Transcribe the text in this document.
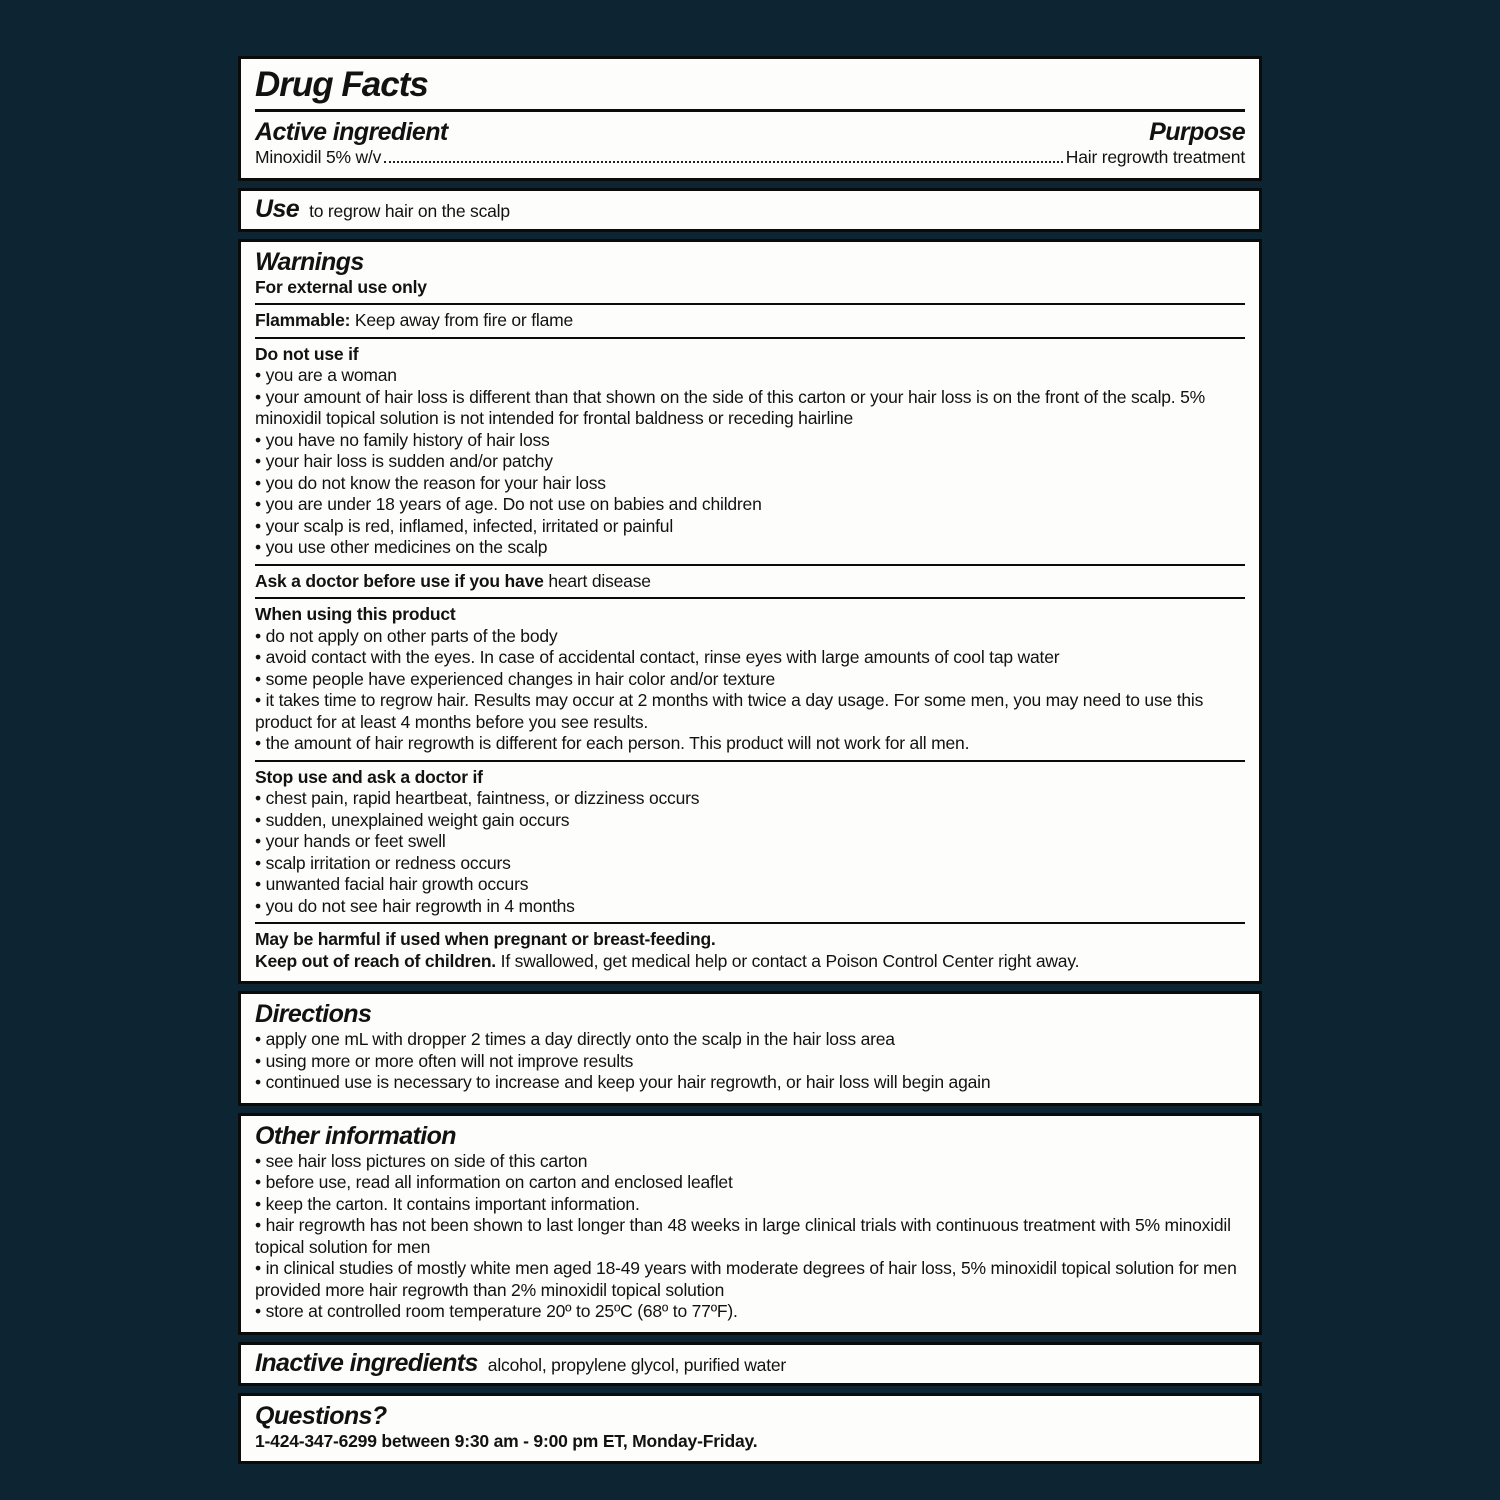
Drug Facts
Active ingredient	Purpose
Minoxidil 5% w/v	Hair regrowth treatment
Use to regrow hair on the scalp
Warnings
For external use only
Flammable: Keep away from fire or flame
Do not use if
• you are a woman
• your amount of hair loss is different than that shown on the side of this carton or your hair loss is on the front of the scalp. 5% minoxidil topical solution is not intended for frontal baldness or receding hairline
• you have no family history of hair loss
• your hair loss is sudden and/or patchy
• you do not know the reason for your hair loss
• you are under 18 years of age. Do not use on babies and children
• your scalp is red, inflamed, infected, irritated or painful
• you use other medicines on the scalp
Ask a doctor before use if you have heart disease
When using this product
• do not apply on other parts of the body
• avoid contact with the eyes. In case of accidental contact, rinse eyes with large amounts of cool tap water
• some people have experienced changes in hair color and/or texture
• it takes time to regrow hair. Results may occur at 2 months with twice a day usage. For some men, you may need to use this product for at least 4 months before you see results.
• the amount of hair regrowth is different for each person. This product will not work for all men.
Stop use and ask a doctor if
• chest pain, rapid heartbeat, faintness, or dizziness occurs
• sudden, unexplained weight gain occurs
• your hands or feet swell
• scalp irritation or redness occurs
• unwanted facial hair growth occurs
• you do not see hair regrowth in 4 months
May be harmful if used when pregnant or breast-feeding.
Keep out of reach of children. If swallowed, get medical help or contact a Poison Control Center right away.
Directions
• apply one mL with dropper 2 times a day directly onto the scalp in the hair loss area
• using more or more often will not improve results
• continued use is necessary to increase and keep your hair regrowth, or hair loss will begin again
Other information
• see hair loss pictures on side of this carton
• before use, read all information on carton and enclosed leaflet
• keep the carton. It contains important information.
• hair regrowth has not been shown to last longer than 48 weeks in large clinical trials with continuous treatment with 5% minoxidil topical solution for men
• in clinical studies of mostly white men aged 18-49 years with moderate degrees of hair loss, 5% minoxidil topical solution for men provided more hair regrowth than 2% minoxidil topical solution
• store at controlled room temperature 20º to 25ºC (68º to 77ºF).
Inactive ingredients alcohol, propylene glycol, purified water
Questions?
1-424-347-6299 between 9:30 am - 9:00 pm ET, Monday-Friday.
